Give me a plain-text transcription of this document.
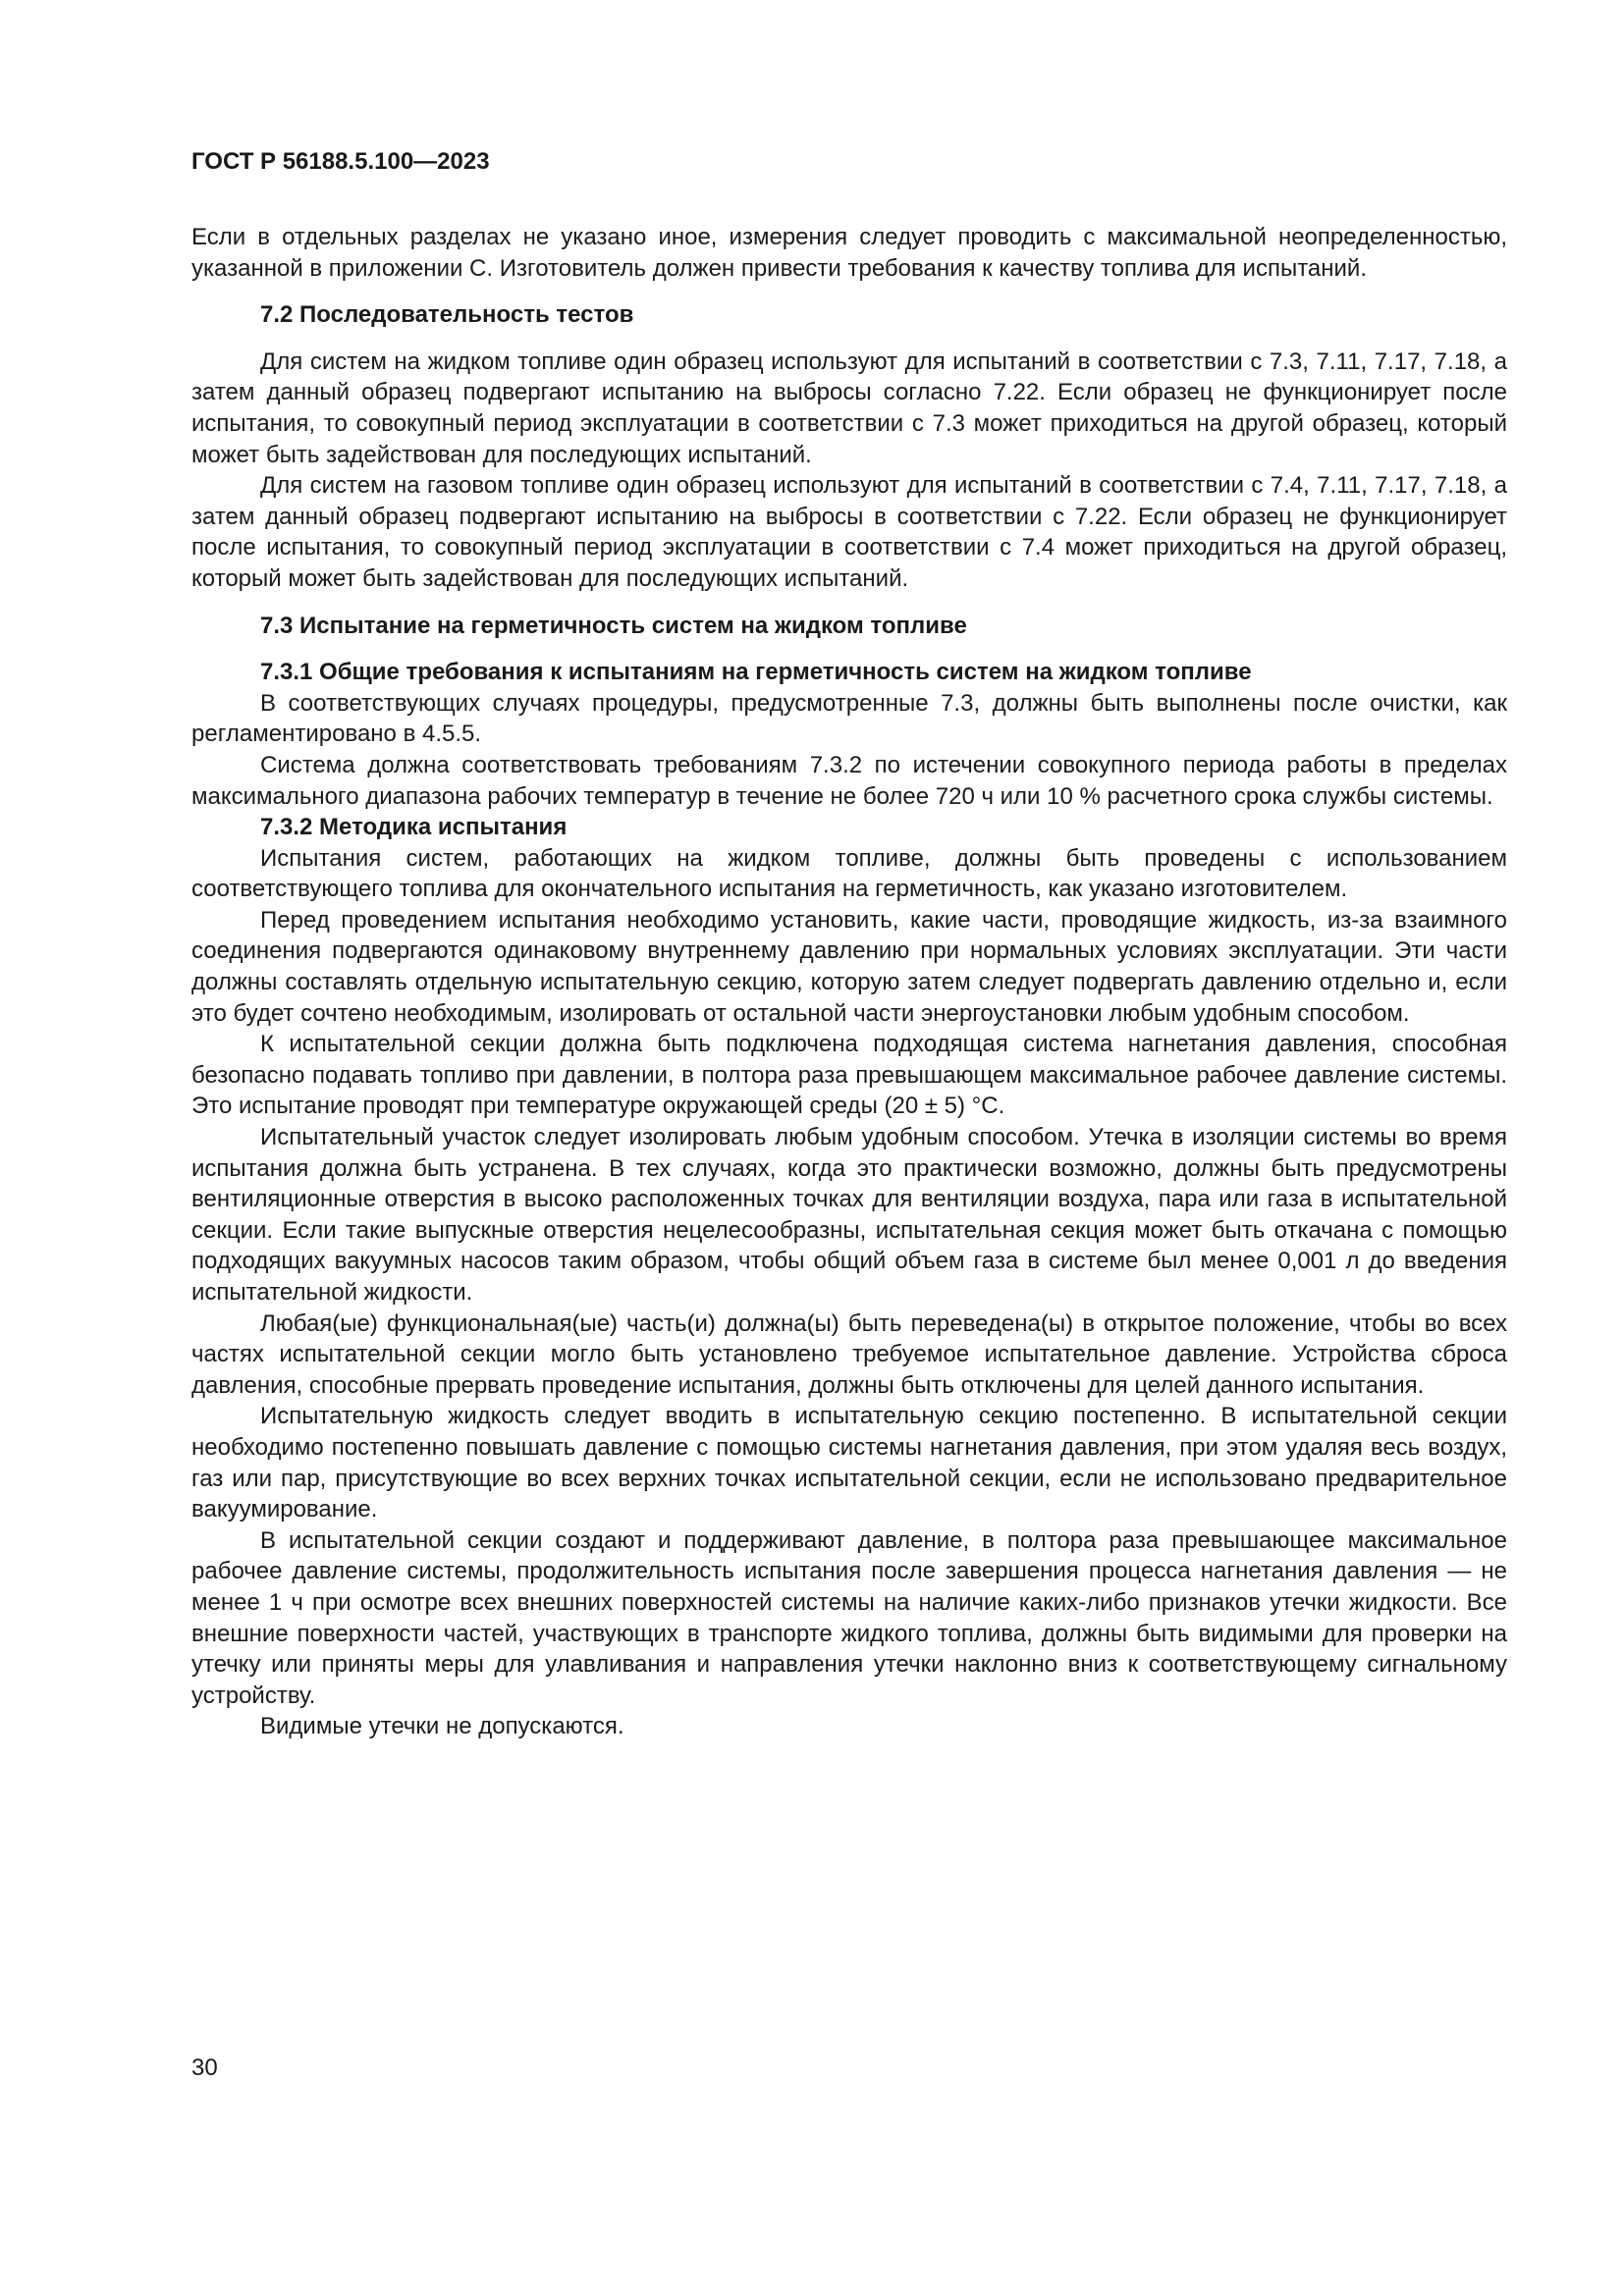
ГОСТ Р 56188.5.100—2023

Если в отдельных разделах не указано иное, измерения следует проводить с максимальной неопределенностью, указанной в приложении C. Изготовитель должен привести требования к качеству топлива для испытаний.

7.2 Последовательность тестов

Для систем на жидком топливе один образец используют для испытаний в соответствии с 7.3, 7.11, 7.17, 7.18, а затем данный образец подвергают испытанию на выбросы согласно 7.22. Если образец не функционирует после испытания, то совокупный период эксплуатации в соответствии с 7.3 может приходиться на другой образец, который может быть задействован для последующих испытаний.

Для систем на газовом топливе один образец используют для испытаний в соответствии с 7.4, 7.11, 7.17, 7.18, а затем данный образец подвергают испытанию на выбросы в соответствии с 7.22. Если образец не функционирует после испытания, то совокупный период эксплуатации в соответствии с 7.4 может приходиться на другой образец, который может быть задействован для последующих испытаний.

7.3 Испытание на герметичность систем на жидком топливе
7.3.1 Общие требования к испытаниям на герметичность систем на жидком топливе

В соответствующих случаях процедуры, предусмотренные 7.3, должны быть выполнены после очистки, как регламентировано в 4.5.5.

Система должна соответствовать требованиям 7.3.2 по истечении совокупного периода работы в пределах максимального диапазона рабочих температур в течение не более 720 ч или 10 % расчетного срока службы системы.

7.3.2 Методика испытания

Испытания систем, работающих на жидком топливе, должны быть проведены с использованием соответствующего топлива для окончательного испытания на герметичность, как указано изготовителем.

Перед проведением испытания необходимо установить, какие части, проводящие жидкость, из-за взаимного соединения подвергаются одинаковому внутреннему давлению при нормальных условиях эксплуатации. Эти части должны составлять отдельную испытательную секцию, которую затем следует подвергать давлению отдельно и, если это будет сочтено необходимым, изолировать от остальной части энергоустановки любым удобным способом.

К испытательной секции должна быть подключена подходящая система нагнетания давления, способная безопасно подавать топливо при давлении, в полтора раза превышающем максимальное рабочее давление системы. Это испытание проводят при температуре окружающей среды (20 ± 5) °С.

Испытательный участок следует изолировать любым удобным способом. Утечка в изоляции системы во время испытания должна быть устранена. В тех случаях, когда это практически возможно, должны быть предусмотрены вентиляционные отверстия в высоко расположенных точках для вентиляции воздуха, пара или газа в испытательной секции. Если такие выпускные отверстия нецелесообразны, испытательная секция может быть откачана с помощью подходящих вакуумных насосов таким образом, чтобы общий объем газа в системе был менее 0,001 л до введения испытательной жидкости.

Любая(ые) функциональная(ые) часть(и) должна(ы) быть переведена(ы) в открытое положение, чтобы во всех частях испытательной секции могло быть установлено требуемое испытательное давление. Устройства сброса давления, способные прервать проведение испытания, должны быть отключены для целей данного испытания.

Испытательную жидкость следует вводить в испытательную секцию постепенно. В испытательной секции необходимо постепенно повышать давление с помощью системы нагнетания давления, при этом удаляя весь воздух, газ или пар, присутствующие во всех верхних точках испытательной секции, если не использовано предварительное вакуумирование.

В испытательной секции создают и поддерживают давление, в полтора раза превышающее максимальное рабочее давление системы, продолжительность испытания после завершения процесса нагнетания давления — не менее 1 ч при осмотре всех внешних поверхностей системы на наличие каких-либо признаков утечки жидкости. Все внешние поверхности частей, участвующих в транспорте жидкого топлива, должны быть видимыми для проверки на утечку или приняты меры для улавливания и направления утечки наклонно вниз к соответствующему сигнальному устройству.

Видимые утечки не допускаются.

30
